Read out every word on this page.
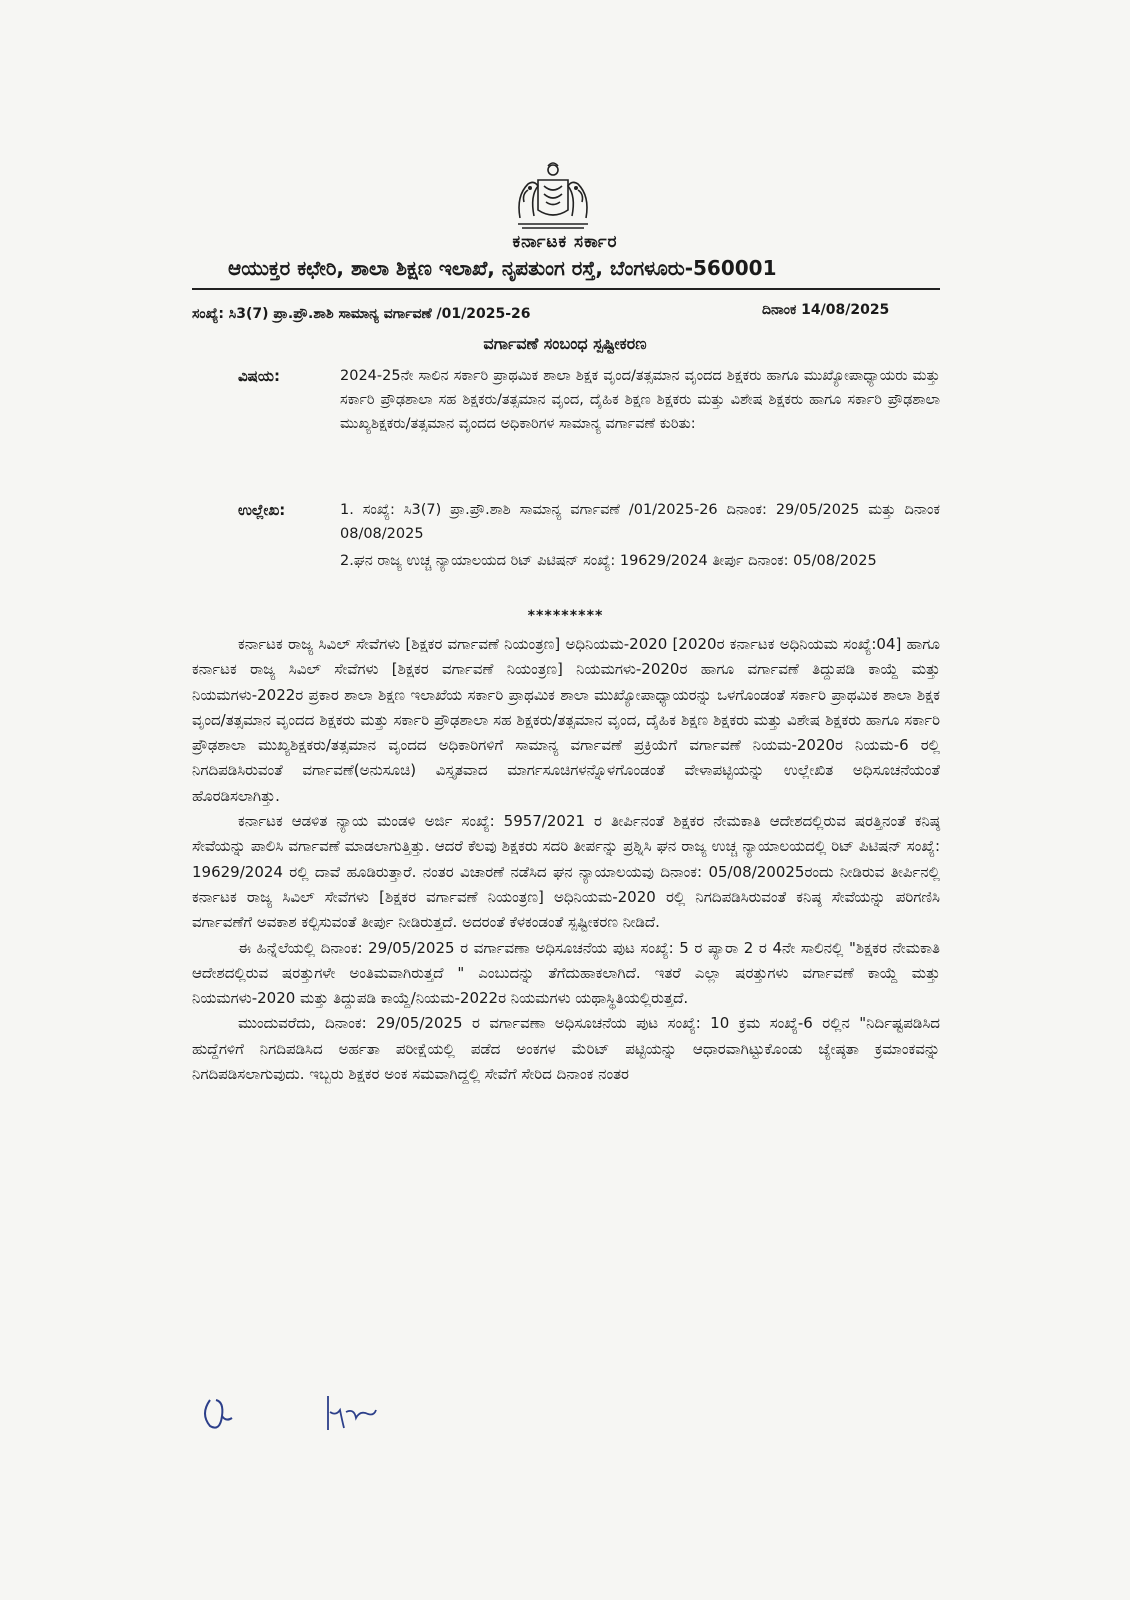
ಕರ್ನಾಟಕ ಸರ್ಕಾರ
ಆಯುಕ್ತರ ಕಛೇರಿ, ಶಾಲಾ ಶಿಕ್ಷಣ ಇಲಾಖೆ, ನೃಪತುಂಗ ರಸ್ತೆ, ಬೆಂಗಳೂರು-560001
ಸಂಖ್ಯೆ: ಸಿ3(7) ಪ್ರಾ.ಪ್ರೌ.ಶಾಶಿ ಸಾಮಾನ್ಯ ವರ್ಗಾವಣೆ /01/2025-26	ದಿನಾಂಕ 14/08/2025
ವರ್ಗಾವಣೆ ಸಂಬಂಧ ಸ್ಪಷ್ಟೀಕರಣ
ವಿಷಯ:	2024-25ನೇ ಸಾಲಿನ ಸರ್ಕಾರಿ ಪ್ರಾಥಮಿಕ ಶಾಲಾ ಶಿಕ್ಷಕ ವೃಂದ/ತತ್ಸಮಾನ ವೃಂದದ ಶಿಕ್ಷಕರು ಹಾಗೂ ಮುಖ್ಯೋಪಾಧ್ಯಾಯರು ಮತ್ತು ಸರ್ಕಾರಿ ಪ್ರೌಢಶಾಲಾ ಸಹ ಶಿಕ್ಷಕರು/ತತ್ಸಮಾನ ವೃಂದ, ದೈಹಿಕ ಶಿಕ್ಷಣ ಶಿಕ್ಷಕರು ಮತ್ತು ವಿಶೇಷ ಶಿಕ್ಷಕರು ಹಾಗೂ ಸರ್ಕಾರಿ ಪ್ರೌಢಶಾಲಾ ಮುಖ್ಯಶಿಕ್ಷಕರು/ತತ್ಸಮಾನ ವೃಂದದ ಅಧಿಕಾರಿಗಳ ಸಾಮಾನ್ಯ ವರ್ಗಾವಣೆ ಕುರಿತು:
ಉಲ್ಲೇಖ:	1. ಸಂಖ್ಯೆ: ಸಿ3(7) ಪ್ರಾ.ಪ್ರೌ.ಶಾಶಿ ಸಾಮಾನ್ಯ ವರ್ಗಾವಣೆ /01/2025-26 ದಿನಾಂಕ: 29/05/2025 ಮತ್ತು ದಿನಾಂಕ 08/08/2025
2.ಘನ ರಾಜ್ಯ ಉಚ್ಚ ನ್ಯಾಯಾಲಯದ ರಿಟ್ ಪಿಟಿಷನ್ ಸಂಖ್ಯೆ: 19629/2024 ತೀರ್ಪು ದಿನಾಂಕ: 05/08/2025
*********

ಕರ್ನಾಟಕ ರಾಜ್ಯ ಸಿವಿಲ್ ಸೇವೆಗಳು [ಶಿಕ್ಷಕರ ವರ್ಗಾವಣೆ ನಿಯಂತ್ರಣ] ಅಧಿನಿಯಮ-2020 [2020ರ ಕರ್ನಾಟಕ ಅಧಿನಿಯಮ ಸಂಖ್ಯೆ:04] ಹಾಗೂ ಕರ್ನಾಟಕ ರಾಜ್ಯ ಸಿವಿಲ್ ಸೇವೆಗಳು [ಶಿಕ್ಷಕರ ವರ್ಗಾವಣೆ ನಿಯಂತ್ರಣ] ನಿಯಮಗಳು-2020ರ ಹಾಗೂ ವರ್ಗಾವಣೆ ತಿದ್ದುಪಡಿ ಕಾಯ್ದೆ ಮತ್ತು ನಿಯಮಗಳು-2022ರ ಪ್ರಕಾರ ಶಾಲಾ ಶಿಕ್ಷಣ ಇಲಾಖೆಯ ಸರ್ಕಾರಿ ಪ್ರಾಥಮಿಕ ಶಾಲಾ ಮುಖ್ಯೋಪಾಧ್ಯಾಯರನ್ನು ಒಳಗೊಂಡಂತೆ ಸರ್ಕಾರಿ ಪ್ರಾಥಮಿಕ ಶಾಲಾ ಶಿಕ್ಷಕ ವೃಂದ/ತತ್ಸಮಾನ ವೃಂದದ ಶಿಕ್ಷಕರು ಮತ್ತು ಸರ್ಕಾರಿ ಪ್ರೌಢಶಾಲಾ ಸಹ ಶಿಕ್ಷಕರು/ತತ್ಸಮಾನ ವೃಂದ, ದೈಹಿಕ ಶಿಕ್ಷಣ ಶಿಕ್ಷಕರು ಮತ್ತು ವಿಶೇಷ ಶಿಕ್ಷಕರು ಹಾಗೂ ಸರ್ಕಾರಿ ಪ್ರೌಢಶಾಲಾ ಮುಖ್ಯಶಿಕ್ಷಕರು/ತತ್ಸಮಾನ ವೃಂದದ ಅಧಿಕಾರಿಗಳಿಗೆ ಸಾಮಾನ್ಯ ವರ್ಗಾವಣೆ ಪ್ರಕ್ರಿಯೆಗೆ ವರ್ಗಾವಣೆ ನಿಯಮ-2020ರ ನಿಯಮ-6 ರಲ್ಲಿ ನಿಗದಿಪಡಿಸಿರುವಂತೆ ವರ್ಗಾವಣೆ(ಅನುಸೂಚಿ) ವಿಸ್ತೃತವಾದ ಮಾರ್ಗಸೂಚಿಗಳನ್ನೊಳಗೊಂಡಂತೆ ವೇಳಾಪಟ್ಟಿಯನ್ನು ಉಲ್ಲೇಖಿತ ಅಧಿಸೂಚನೆಯಂತೆ ಹೊರಡಿಸಲಾಗಿತ್ತು.

ಕರ್ನಾಟಕ ಆಡಳಿತ ನ್ಯಾಯ ಮಂಡಳಿ ಅರ್ಜಿ ಸಂಖ್ಯೆ: 5957/2021 ರ ತೀರ್ಪಿನಂತೆ ಶಿಕ್ಷಕರ ನೇಮಕಾತಿ ಆದೇಶದಲ್ಲಿರುವ ಷರತ್ತಿನಂತೆ ಕನಿಷ್ಠ ಸೇವೆಯನ್ನು ಪಾಲಿಸಿ ವರ್ಗಾವಣೆ ಮಾಡಲಾಗುತ್ತಿತ್ತು. ಆದರೆ ಕೆಲವು ಶಿಕ್ಷಕರು ಸದರಿ ತೀರ್ಪನ್ನು ಪ್ರಶ್ನಿಸಿ ಘನ ರಾಜ್ಯ ಉಚ್ಚ ನ್ಯಾಯಾಲಯದಲ್ಲಿ ರಿಟ್ ಪಿಟಿಷನ್ ಸಂಖ್ಯೆ: 19629/2024 ರಲ್ಲಿ ದಾವೆ ಹೂಡಿರುತ್ತಾರೆ. ನಂತರ ವಿಚಾರಣೆ ನಡೆಸಿದ ಘನ ನ್ಯಾಯಾಲಯವು ದಿನಾಂಕ: 05/08/20025ರಂದು ನೀಡಿರುವ ತೀರ್ಪಿನಲ್ಲಿ ಕರ್ನಾಟಕ ರಾಜ್ಯ ಸಿವಿಲ್ ಸೇವೆಗಳು [ಶಿಕ್ಷಕರ ವರ್ಗಾವಣೆ ನಿಯಂತ್ರಣ] ಅಧಿನಿಯಮ-2020 ರಲ್ಲಿ ನಿಗದಿಪಡಿಸಿರುವಂತೆ ಕನಿಷ್ಠ ಸೇವೆಯನ್ನು ಪರಿಗಣಿಸಿ ವರ್ಗಾವಣೆಗೆ ಅವಕಾಶ ಕಲ್ಪಿಸುವಂತೆ ತೀರ್ಪು ನೀಡಿರುತ್ತದೆ. ಅದರಂತೆ ಕೆಳಕಂಡಂತೆ ಸ್ಪಷ್ಟೀಕರಣ ನೀಡಿದೆ.

ಈ ಹಿನ್ನೆಲೆಯಲ್ಲಿ ದಿನಾಂಕ: 29/05/2025 ರ ವರ್ಗಾವಣಾ ಅಧಿಸೂಚನೆಯ ಪುಟ ಸಂಖ್ಯೆ: 5 ರ ಪ್ಯಾರಾ 2 ರ 4ನೇ ಸಾಲಿನಲ್ಲಿ "ಶಿಕ್ಷಕರ ನೇಮಕಾತಿ ಆದೇಶದಲ್ಲಿರುವ ಷರತ್ತುಗಳೇ ಅಂತಿಮವಾಗಿರುತ್ತದೆ " ಎಂಬುದನ್ನು ತೆಗೆದುಹಾಕಲಾಗಿದೆ. ಇತರೆ ಎಲ್ಲಾ ಷರತ್ತುಗಳು ವರ್ಗಾವಣೆ ಕಾಯ್ದೆ ಮತ್ತು ನಿಯಮಗಳು-2020 ಮತ್ತು ತಿದ್ದುಪಡಿ ಕಾಯ್ದೆ/ನಿಯಮ-2022ರ ನಿಯಮಗಳು ಯಥಾಸ್ಥಿತಿಯಲ್ಲಿರುತ್ತದೆ.

ಮುಂದುವರೆದು, ದಿನಾಂಕ: 29/05/2025 ರ ವರ್ಗಾವಣಾ ಅಧಿಸೂಚನೆಯ ಪುಟ ಸಂಖ್ಯೆ: 10 ಕ್ರಮ ಸಂಖ್ಯೆ-6 ರಲ್ಲಿನ "ನಿರ್ದಿಷ್ಟಪಡಿಸಿದ ಹುದ್ದೆಗಳಿಗೆ ನಿಗದಿಪಡಿಸಿದ ಅರ್ಹತಾ ಪರೀಕ್ಷೆಯಲ್ಲಿ ಪಡೆದ ಅಂಕಗಳ ಮೆರಿಟ್ ಪಟ್ಟಿಯನ್ನು ಆಧಾರವಾಗಿಟ್ಟುಕೊಂಡು ಜ್ಯೇಷ್ಠತಾ ಕ್ರಮಾಂಕವನ್ನು ನಿಗದಿಪಡಿಸಲಾಗುವುದು. ಇಬ್ಬರು ಶಿಕ್ಷಕರ ಅಂಕ ಸಮವಾಗಿದ್ದಲ್ಲಿ ಸೇವೆಗೆ ಸೇರಿದ ದಿನಾಂಕ ನಂತರ
